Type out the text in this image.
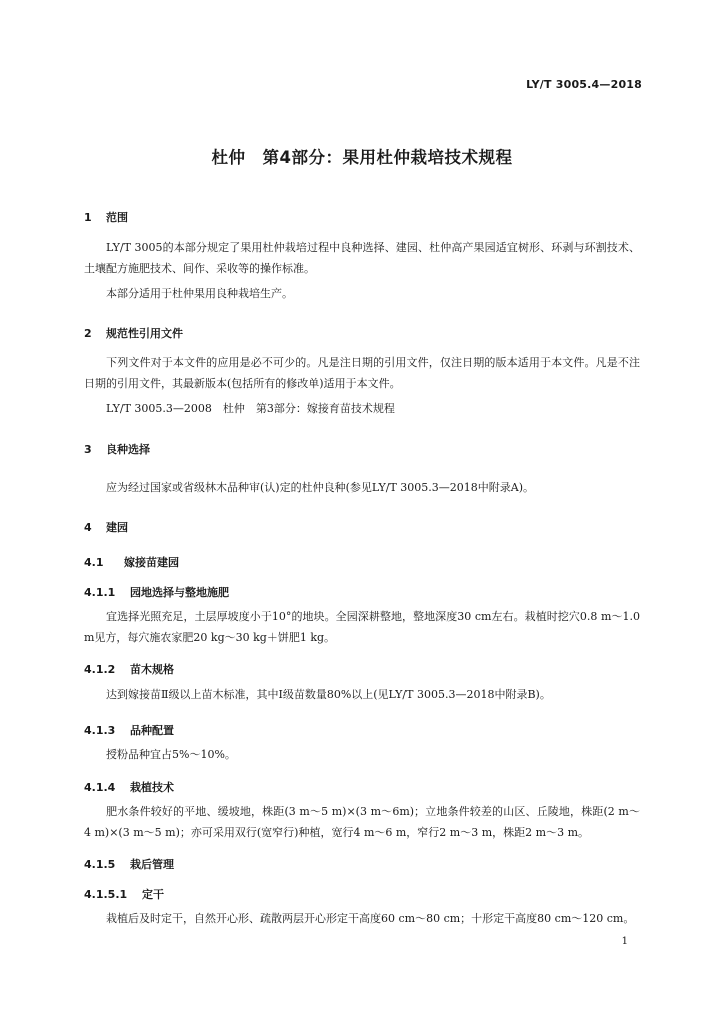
LY/T 3005.4—2018
杜仲　第4部分：果用杜仲栽培技术规程
1 范围
LY/T 3005的本部分规定了果用杜仲栽培过程中良种选择、建园、杜仲高产果园适宜树形、环剥与环割技术、土壤配方施肥技术、间作、采收等的操作标准。
本部分适用于杜仲果用良种栽培生产。
2 规范性引用文件
下列文件对于本文件的应用是必不可少的。凡是注日期的引用文件，仅注日期的版本适用于本文件。凡是不注日期的引用文件，其最新版本(包括所有的修改单)适用于本文件。
LY/T 3005.3—2008　杜仲　第3部分：嫁接育苗技术规程
3 良种选择
应为经过国家或省级林木品种审(认)定的杜仲良种(参见LY/T 3005.3—2018中附录A)。
4 建园
4.1 嫁接苗建园
4.1.1 园地选择与整地施肥
宜选择光照充足，土层厚坡度小于10°的地块。全园深耕整地，整地深度30 cm左右。栽植时挖穴0.8 m～1.0 m见方，每穴施农家肥20 kg～30 kg＋饼肥1 kg。
4.1.2 苗木规格
达到嫁接苗Ⅱ级以上苗木标准，其中Ⅰ级苗数量80%以上(见LY/T 3005.3—2018中附录B)。
4.1.3 品种配置
授粉品种宜占5%～10%。
4.1.4 栽植技术
肥水条件较好的平地、缓坡地，株距(3 m～5 m)×(3 m～6m)；立地条件较差的山区、丘陵地，株距(2 m～4 m)×(3 m～5 m)；亦可采用双行(宽窄行)种植，宽行4 m～6 m，窄行2 m～3 m，株距2 m～3 m。
4.1.5 栽后管理
4.1.5.1 定干
栽植后及时定干，自然开心形、疏散两层开心形定干高度60 cm～80 cm；十形定干高度80 cm～120 cm。
1
